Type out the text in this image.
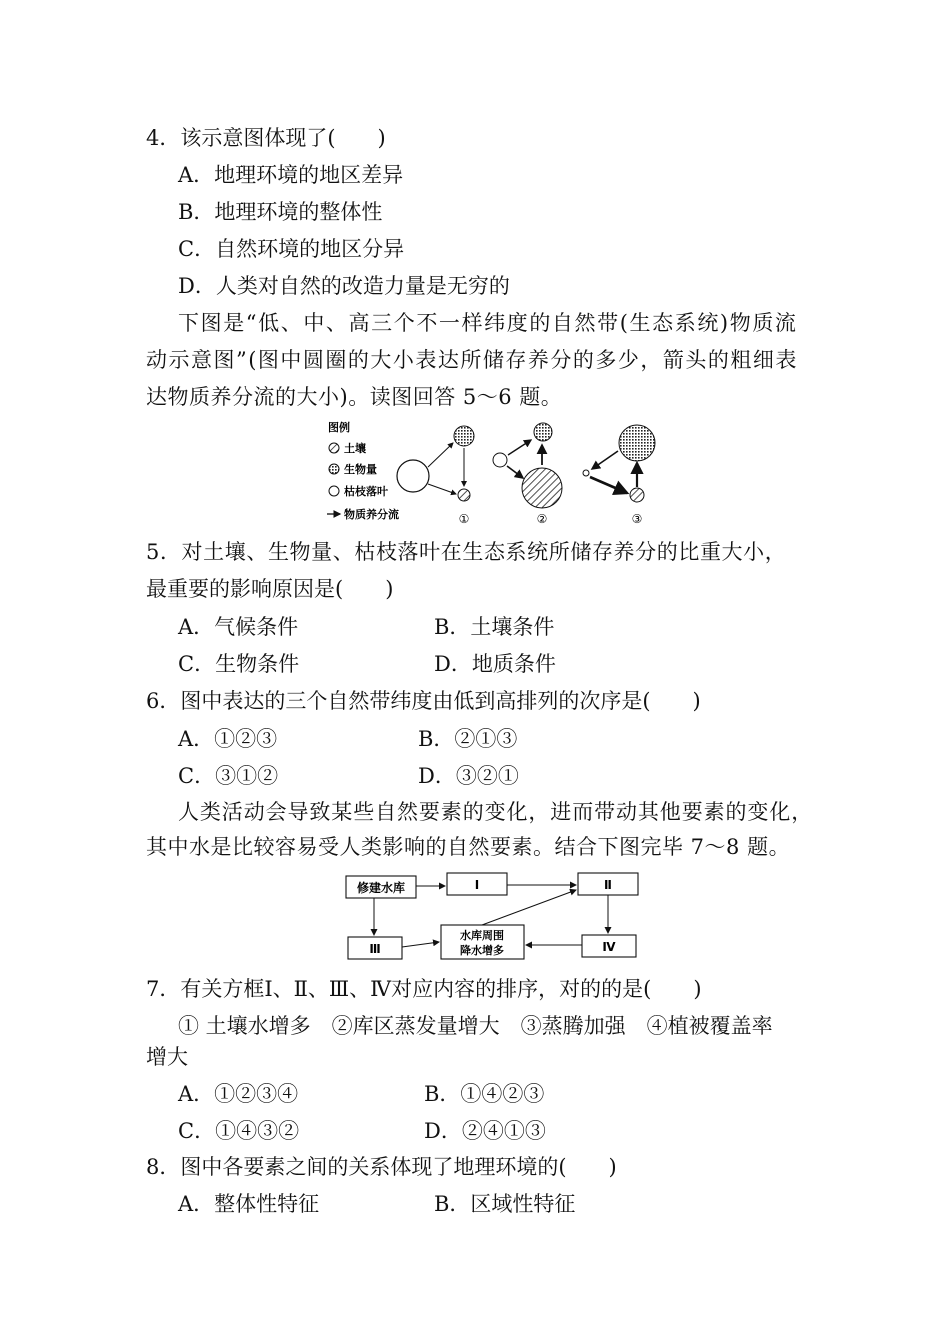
4．该示意图体现了(　　)
A．地理环境的地区差异
B．地理环境的整体性
C．自然环境的地区分异
D．人类对自然的改造力量是无穷的
下图是“低、中、高三个不一样纬度的自然带(生态系统)物质流
动示意图”(图中圆圈的大小表达所储存养分的多少，箭头的粗细表
达物质养分流的大小)。读图回答 5～6 题。
图例
土壤
生物量
枯枝落叶
物质养分流	①	②	③
5．对土壤、生物量、枯枝落叶在生态系统所储存养分的比重大小，
最重要的影响原因是(　　)
A．气候条件	B．土壤条件
C．生物条件	D．地质条件
6．图中表达的三个自然带纬度由低到高排列的次序是(　　)
A．①②③	B．②①③
C．③①②	D．③②①
人类活动会导致某些自然要素的变化，进而带动其他要素的变化，
其中水是比较容易受人类影响的自然要素。结合下图完毕 7～8 题。
修建水库	Ⅰ	Ⅱ
Ⅲ
水库周围
降水增多	Ⅳ
7．有关方框Ⅰ、Ⅱ、Ⅲ、Ⅳ对应内容的排序，对的的是(　　)
① 土壤水增多　②库区蒸发量增大　③蒸腾加强　④植被覆盖率
增大
A．①②③④	B．①④②③
C．①④③②	D．②④①③
8．图中各要素之间的关系体现了地理环境的(　　)
A．整体性特征	B．区域性特征
